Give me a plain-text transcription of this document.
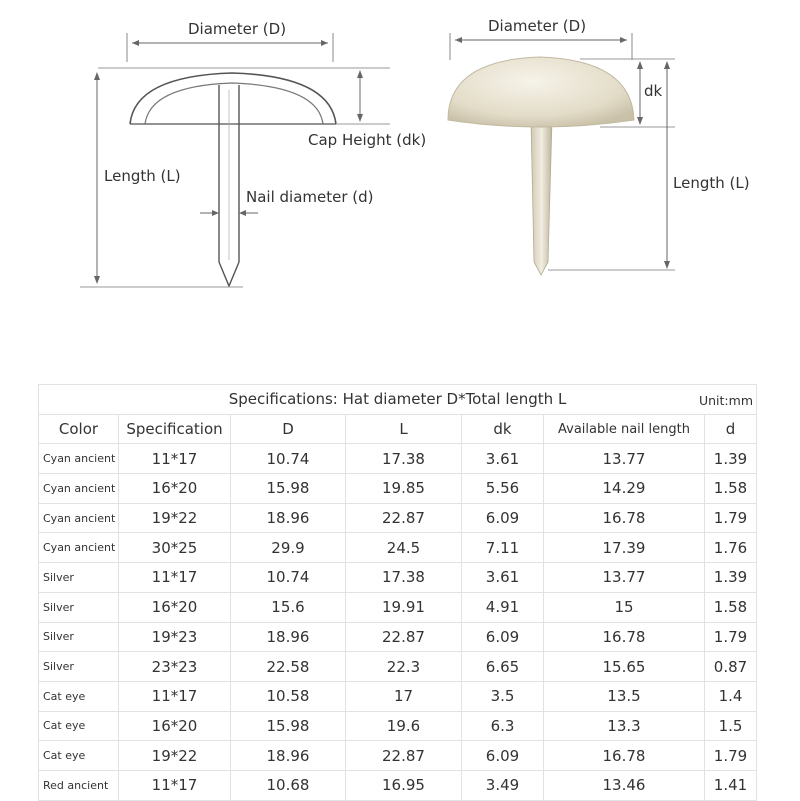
Diameter (D)
Cap Height (dk)
Length (L)
Nail diameter (d)
Diameter (D)
dk
Length (L)
Specifications: Hat diameter D*Total length L Unit:mm						

Color	Specification	D	L	dk	Available nail length	d
Cyan ancient	11*17	10.74	17.38	3.61	13.77	1.39
Cyan ancient	16*20	15.98	19.85	5.56	14.29	1.58
Cyan ancient	19*22	18.96	22.87	6.09	16.78	1.79
Cyan ancient	30*25	29.9	24.5	7.11	17.39	1.76
Silver	11*17	10.74	17.38	3.61	13.77	1.39
Silver	16*20	15.6	19.91	4.91	15	1.58
Silver	19*23	18.96	22.87	6.09	16.78	1.79
Silver	23*23	22.58	22.3	6.65	15.65	0.87
Cat eye	11*17	10.58	17	3.5	13.5	1.4
Cat eye	16*20	15.98	19.6	6.3	13.3	1.5
Cat eye	19*22	18.96	22.87	6.09	16.78	1.79
Red ancient	11*17	10.68	16.95	3.49	13.46	1.41
